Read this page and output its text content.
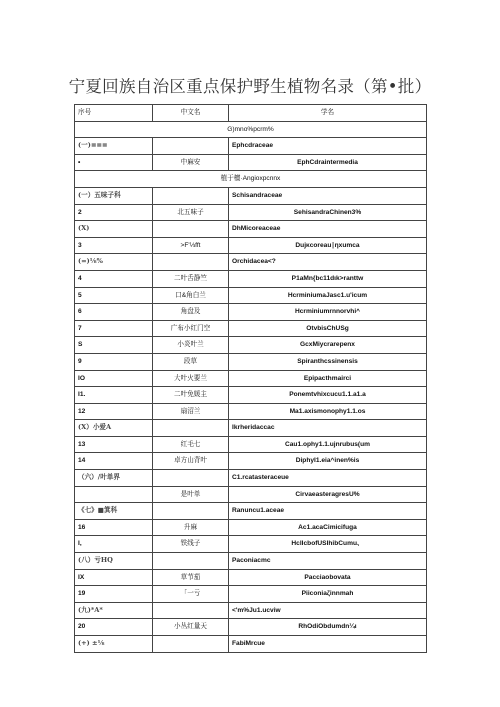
宁夏回族自治区重点保护野生植物名录（第•批）
序号	中文名	学名
G)mno%pcrm%		
(一)≡≡≡		Ephcdraceae
•	中麻安	EphCdraintermedia
植于檀·Angioxpcnnx		
(一）五味子科		Schisandraceae
2	北五味子	SehisandraChinen3%
(X)		DhMicoreaceae
3	>F'⅓fft	Dujκcoreau∣ηxumca
(=)⅛%		Orchidacea<?
4	二叶舌静竺	P1aMn{bc11dιk>ranttw
5	口&角白兰	HcrminiumaJasc1.u'icum
6	角盘及	Hcrminiumrnnorvhi^
7	广布小红门空	OtvbisChUSg
S	小炎叶兰	GcxMiycrarepenx
9	段草	Spiranthcssinensis
IO	大叶火要兰	Epipacthmairci
I1.	二叶免媛主	Ponemtvhixcucu1.1.a1.a
12	扇沼兰	Ma1.axismonophy1.1.os
(X）小爱A		Ikrheridaccac
13	红毛七	Cau1.ophy1.1.ujnrubus(um
14	卓方山背叶	DiphyI1.eia^inen%is
（六）/叶单界		C1.rcatasteraceue
	是叶单	CirvaeasteragresU%
《七》■箕科		Ranuncu1.aceae
16	升麻	Ac1.acaCimicifuga
I,	铁线子	HclIcbofUSIhibCumu、
(八）亏HQ		Paconiacmc
IX	草节茄	Pacciaobovata
19	「一亏	Piiconiaζinnmah
(九)*A*		<'m%Ju1.ucviw
20	小丛红量天	RhOdiObdumdn¼ι
(+) ±⅛		FabiMrcue
